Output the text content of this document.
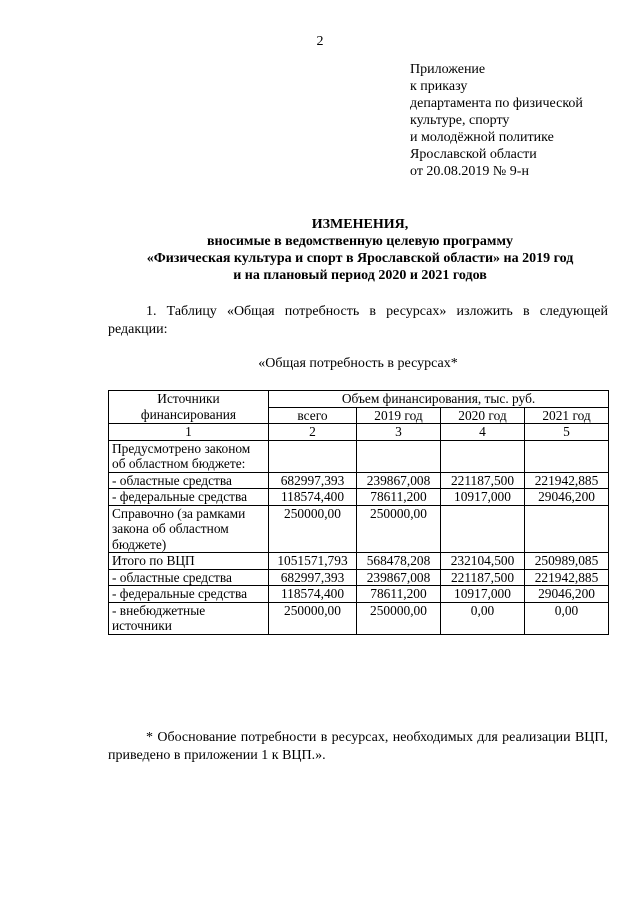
2
Приложение
к приказу
департамента по физической
культуре, спорту
и молодёжной политике
Ярославской области
от 20.08.2019 № 9-н
ИЗМЕНЕНИЯ,
вносимые в ведомственную целевую программу
«Физическая культура и спорт в Ярославской области» на 2019 год
и на плановый период 2020 и 2021 годов
1. Таблицу «Общая потребность в ресурсах» изложить в следующей редакции:
«Общая потребность в ресурсах*
Источники финансирования	Объем финансирования, тыс. руб.			
	всего	2019 год	2020 год	2021 год
1	2	3	4	5
Предусмотрено законом об областном бюджете:				
- областные средства	682997,393	239867,008	221187,500	221942,885
- федеральные средства	118574,400	78611,200	10917,000	29046,200
Справочно (за рамками закона об областном бюджете)	250000,00	250000,00		
Итого по ВЦП	1051571,793	568478,208	232104,500	250989,085
- областные средства	682997,393	239867,008	221187,500	221942,885
- федеральные средства	118574,400	78611,200	10917,000	29046,200
- внебюджетные источники	250000,00	250000,00	0,00	0,00
* Обоснование потребности в ресурсах, необходимых для реализации ВЦП, приведено в приложении 1 к ВЦП.».
